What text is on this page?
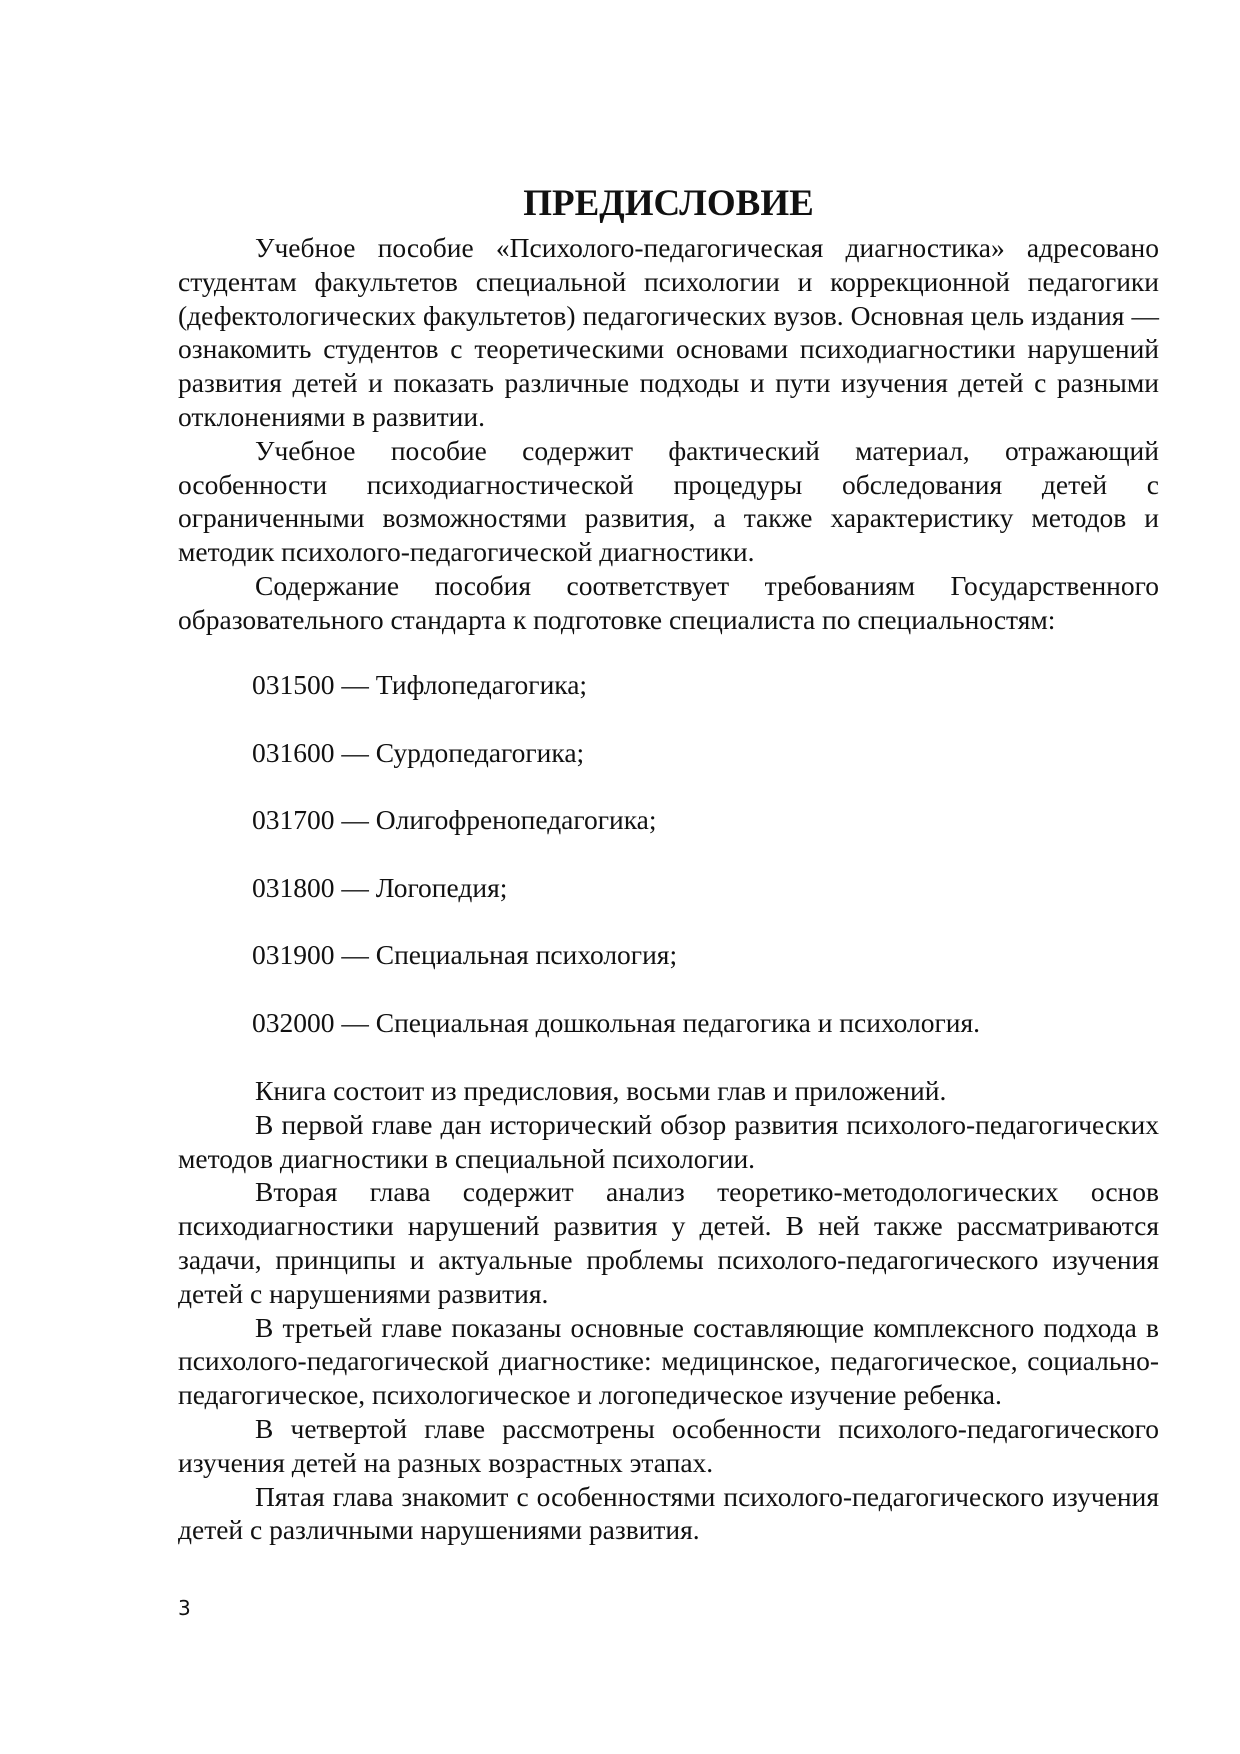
ПРЕДИСЛОВИЕ

Учебное пособие «Психолого-педагогическая диагностика» адресовано студентам факультетов специальной психологии и коррекционной педагогики (дефектологических факультетов) педагогических вузов. Основная цель издания — ознакомить студентов с теоретическими основами психодиагностики нарушений развития детей и показать различные подходы и пути изучения детей с разными отклонениями в развитии.

Учебное пособие содержит фактический материал, отражающий особенности психодиагностической процедуры обследования детей с ограниченными возможностями развития, а также характеристику методов и методик психолого-педагогической диагностики.

Содержание пособия соответствует требованиям Государственного образовательного стандарта к подготовке специалиста по специальностям:

031500 — Тифлопедагогика;
031600 — Сурдопедагогика;
031700 — Олигофренопедагогика;
031800 — Логопедия;
031900 — Специальная психология;
032000 — Специальная дошкольная педагогика и психология.

Книга состоит из предисловия, восьми глав и приложений.

В первой главе дан исторический обзор развития психолого-педагогических методов диагностики в специальной психологии.

Вторая глава содержит анализ теоретико-методологических основ психодиагностики нарушений развития у детей. В ней также рассматриваются задачи, принципы и актуальные проблемы психолого-педагогического изучения детей с нарушениями развития.

В третьей главе показаны основные составляющие комплексного подхода в психолого-педагогической диагностике: медицинское, педагогическое, социально-педагогическое, психологическое и логопедическое изучение ребенка.

В четвертой главе рассмотрены особенности психолого-педагогического изучения детей на разных возрастных этапах.

Пятая глава знакомит с особенностями психолого-педагогического изучения детей с различными нарушениями развития.

3
